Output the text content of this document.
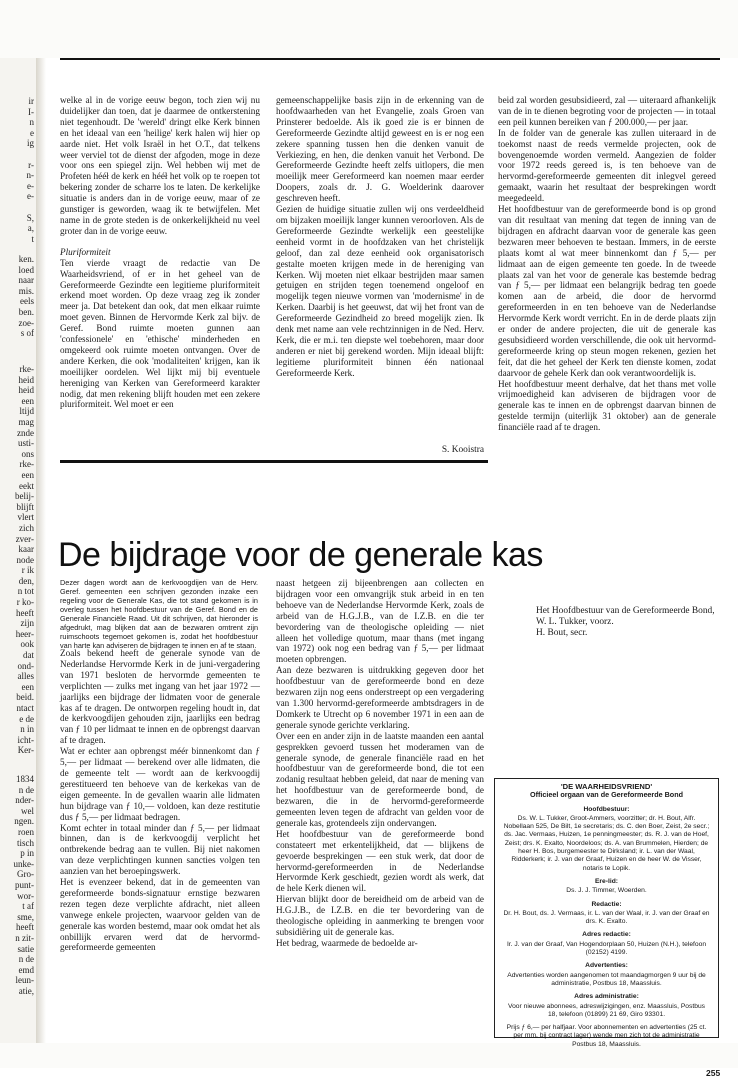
ir
I-
n
e
ig

r-
n-
e-
e-

S,
a,
t
ken.
loed
naar
mis.
eels
ben.
zoe-
s of
rke-
heid
heid
een
ltijd
mag
znde
usti-
ons
rke-
een
eekt
belij-
blijft
vlert
zich
zver-
kaar
node
r ik
den,
n tot
r ko-
heeft
zijn
heer-
ook
dat
ond-
alles
een
beid.
ntact
e de
n in
icht-
Ker-
1834
n de
nder-
wel
ngen.
roen
tisch
p in
unke-
Gro-
punt-
wor-
t af
sme,
heeft
n zit-
satie
n de
emd
leun-
atie,

welke al in de vorige eeuw begon, toch zien wij nu duidelijker dan toen, dat je daarmee de ontkerstening niet tegenhoudt. De 'wereld' dringt elke Kerk binnen en het ideaal van een 'heilige' kerk halen wij hier op aarde niet. Het volk Israël in het O.T., dat telkens weer verviel tot de dienst der afgoden, moge in deze voor ons een spiegel zijn. Wel hebben wij met de Profeten hééł de kerk en hééł het volk op te roepen tot bekering zonder de scharre los te laten. De kerkelijke situatie is anders dan in de vorige eeuw, maar of ze gunstiger is geworden, waag ik te betwijfelen. Met name in de grote steden is de onkerkelijkheid nu veel groter dan in de vorige eeuw.

Pluriformiteit

Ten vierde vraagt de redactie van De Waarheidsvriend, of er in het geheel van de Gereformeerde Gezindte een legitieme pluriformiteit erkend moet worden. Op deze vraag zeg ik zonder meer ja. Dat betekent dan ook, dat men elkaar ruimte moet geven. Binnen de Hervormde Kerk zal bijv. de Geref. Bond ruimte moeten gunnen aan 'confessionele' en 'ethische' minderheden en omgekeerd ook ruimte moeten ontvangen. Over de andere Kerken, die ook 'modaliteiten' krijgen, kan ik moeilijker oordelen. Wel lijkt mij bij eventuele hereniging van Kerken van Gereformeerd karakter nodig, dat men rekening blijft houden met een zekere pluriformiteit. Wel moet er een

gemeenschappelijke basis zijn in de erkenning van de hoofdwaarheden van het Evangelie, zoals Groen van Prinsterer bedoelde. Als ik goed zie is er binnen de Gereformeerde Gezindte altijd geweest en is er nog een zekere spanning tussen hen die denken vanuit de Verkiezing, en hen, die denken vanuit het Verbond. De Gereformeerde Gezindte heeft zelfs uitlopers, die men moeilijk meer Gereformeerd kan noemen maar eerder Doopers, zoals dr. J. G. Woelderink daarover geschreven heeft.

Gezien de huidige situatie zullen wij ons verdeeldheid om bijzaken moeilijk langer kunnen veroorloven. Als de Gereformeerde Gezindte werkelijk een geestelijke eenheid vormt in de hoofdzaken van het christelijk geloof, dan zal deze eenheid ook organisatorisch gestalte moeten krijgen mede in de hereniging van Kerken. Wij moeten niet elkaar bestrijden maar samen getuigen en strijden tegen toenemend ongeloof en mogelijk tegen nieuwe vormen van 'modernisme' in de Kerken. Daarbij is het geeuwst, dat wij het front van de Gereformeerde Gezindheid zo breed mogelijk zien. Ik denk met name aan vele rechtzinnigen in de Ned. Herv. Kerk, die er m.i. ten diepste wel toebehoren, maar door anderen er niet bij gerekend worden. Mijn ideaal blijft: legitieme pluriformiteit binnen één nationaal Gereformeerde Kerk.

S. Kooistra
De bijdrage voor de generale kas
Dezer dagen wordt aan de kerkvoogdijen van de Herv. Geref. gemeenten een schrijven gezonden inzake een regeling voor de Generale Kas, die tot stand gekomen is in overleg tussen het hoofdbestuur van de Geref. Bond en de Generale Financiële Raad. Uit dit schrijven, dat hieronder is afgedrukt, mag blijken dat aan de bezwaren omtrent zijn ruimschoots tegemoet gekomen is, zodat het hoofdbestuur van harte kan adviseren de bijdragen te innen en af te staan.

Zoals bekend heeft de generale synode van de Nederlandse Hervormde Kerk in de juni-vergadering van 1971 besloten de hervormde gemeenten te verplichten — zulks met ingang van het jaar 1972 — jaarlijks een bijdrage der lidmaten voor de generale kas af te dragen. De ontworpen regeling houdt in, dat de kerkvoogdijen gehouden zijn, jaarlijks een bedrag van ƒ 10 per lidmaat te innen en de opbrengst daarvan af te dragen.

Wat er echter aan opbrengst méér binnenkomt dan ƒ 5,— per lidmaat — berekend over alle lidmaten, die de gemeente telt — wordt aan de kerkvoogdij gerestitueerd ten behoeve van de kerkekas van de eigen gemeente. In de gevallen waarin alle lidmaten hun bijdrage van ƒ 10,— voldoen, kan deze restitutie dus ƒ 5,— per lidmaat bedragen.

Komt echter in totaal minder dan ƒ 5,— per lidmaat binnen, dan is de kerkvoogdij verplicht het ontbrekende bedrag aan te vullen. Bij niet nakomen van deze verplichtingen kunnen sancties volgen ten aanzien van het beroepingswerk.

Het is evenzeer bekend, dat in de gemeenten van gereformeerde bonds-signatuur ernstige bezwaren rezen tegen deze verplichte afdracht, niet alleen vanwege enkele projecten, waarvoor gelden van de generale kas worden bestemd, maar ook omdat het als onbillijk ervaren werd dat de hervormd-gereformeerde gemeenten

naast hetgeen zij bijeenbrengen aan collecten en bijdragen voor een omvangrijk stuk arbeid in en ten behoeve van de Nederlandse Hervormde Kerk, zoals de arbeid van de H.G.J.B., van de I.Z.B. en die ter bevordering van de theologische opleiding — niet alleen het volledige quotum, maar thans (met ingang van 1972) ook nog een bedrag van ƒ 5,— per lidmaat moeten opbrengen.

Aan deze bezwaren is uitdrukking gegeven door het hoofdbestuur van de gereformeerde bond en deze bezwaren zijn nog eens onderstreept op een vergadering van 1.300 hervormd-gereformeerde ambtsdragers in de Domkerk te Utrecht op 6 november 1971 in een aan de generale synode gerichte verklaring.

Over een en ander zijn in de laatste maanden een aantal gesprekken gevoerd tussen het moderamen van de generale synode, de generale financiële raad en het hoofdbestuur van de gereformeerde bond, die tot een zodanig resultaat hebben geleid, dat naar de mening van het hoofdbestuur van de gereformeerde bond, de bezwaren, die in de hervormd-gereformeerde gemeenten leven tegen de afdracht van gelden voor de generale kas, grotendeels zijn ondervangen.

Het hoofdbestuur van de gereformeerde bond constateert met erkentelijkheid, dat — blijkens de gevoerde besprekingen — een stuk werk, dat door de hervormd-gereformeerden in de Nederlandse Hervormde Kerk geschiedt, gezien wordt als werk, dat de hele Kerk dienen wil.

Hiervan blijkt door de bereidheid om de arbeid van de H.G.J.B., de I.Z.B. en die ter bevordering van de theologische opleiding in aanmerking te brengen voor subsidiëring uit de generale kas.

Het bedrag, waarmede de bedoelde ar-

beid zal worden gesubsidieerd, zal — uiteraard afhankelijk van de in te dienen begroting voor de projecten — in totaal een peil kunnen bereiken van ƒ 200.000,— per jaar.

In de folder van de generale kas zullen uiteraard in de toekomst naast de reeds vermelde projecten, ook de bovengenoemde worden vermeld. Aangezien de folder voor 1972 reeds gereed is, is ten behoeve van de hervormd-gereformeerde gemeenten dit inlegvel gereed gemaakt, waarin het resultaat der besprekingen wordt meegedeeld.

Het hoofdbestuur van de gereformeerde bond is op grond van dit resultaat van mening dat tegen de inning van de bijdragen en afdracht daarvan voor de generale kas geen bezwaren meer behoeven te bestaan. Immers, in de eerste plaats komt al wat meer binnenkomt dan ƒ 5,— per lidmaat aan de eigen gemeente ten goede. In de tweede plaats zal van het voor de generale kas bestemde bedrag van ƒ 5,— per lidmaat een belangrijk bedrag ten goede komen aan de arbeid, die door de hervormd gereformeerden in en ten behoeve van de Nederlandse Hervormde Kerk wordt verricht. En in de derde plaats zijn er onder de andere projecten, die uit de generale kas gesubsidieerd worden verschillende, die ook uit hervormd-gereformeerde kring op steun mogen rekenen, gezien het feit, dat die het geheel der Kerk ten dienste komen, zodat daarvoor de gehele Kerk dan ook verantwoordelijk is.

Het hoofdbestuur meent derhalve, dat het thans met volle vrijmoedigheid kan adviseren de bijdragen voor de generale kas te innen en de opbrengst daarvan binnen de gestelde termijn (uiterlijk 31 oktober) aan de generale financiële raad af te dragen.

Het Hoofdbestuur van de Gereformeerde Bond,
W. L. Tukker, voorz.
H. Bout, secr.
'DE WAARHEIDSVRIEND'
Officieel orgaan van de Gereformeerde Bond
Hoofdbestuur:
Ds. W. L. Tukker, Groot-Ammers, voorzitter; dr. H. Bout, Alfr. Nobellaan 525, De Bilt, 1e secretaris; ds. C. den Boer, Zeist, 2e secr.; ds. Jac. Vermaas, Huizen, 1e penningmeester; ds. R. J. van de Hoef, Zeist; drs. K. Exalto, Noordeloos; ds. A. van Brummelen, Hierden; de heer H. Bos, burgemeester te Dirksland; ir. L. van der Waal, Ridderkerk; ir. J. van der Graaf, Huizen en de heer W. de Visser, notaris te Lopik.
Ere-lid:
Ds. J. J. Timmer, Woerden.
Redactie:
Dr. H. Bout, ds. J. Vermaas, ir. L. van der Waal, ir. J. van der Graaf en drs. K. Exalto.
Adres redactie:
Ir. J. van der Graaf, Van Hogendorplaan 50, Huizen (N.H.), telefoon (02152) 4199.
Advertenties:
Advertenties worden aangenomen tot maandagmorgen 9 uur bij de administratie, Postbus 18, Maassluis.
Adres administratie:
Voor nieuwe abonnees, adreswijzigingen, enz. Maassluis, Postbus 18, telefoon (01899) 21 69, Giro 93301.
Prijs ƒ 6,— per halfjaar. Voor abonnementen en advertenties (25 ct. per mm, bij contract lager) wende men zich tot de administratie Postbus 18, Maassluis.
255
